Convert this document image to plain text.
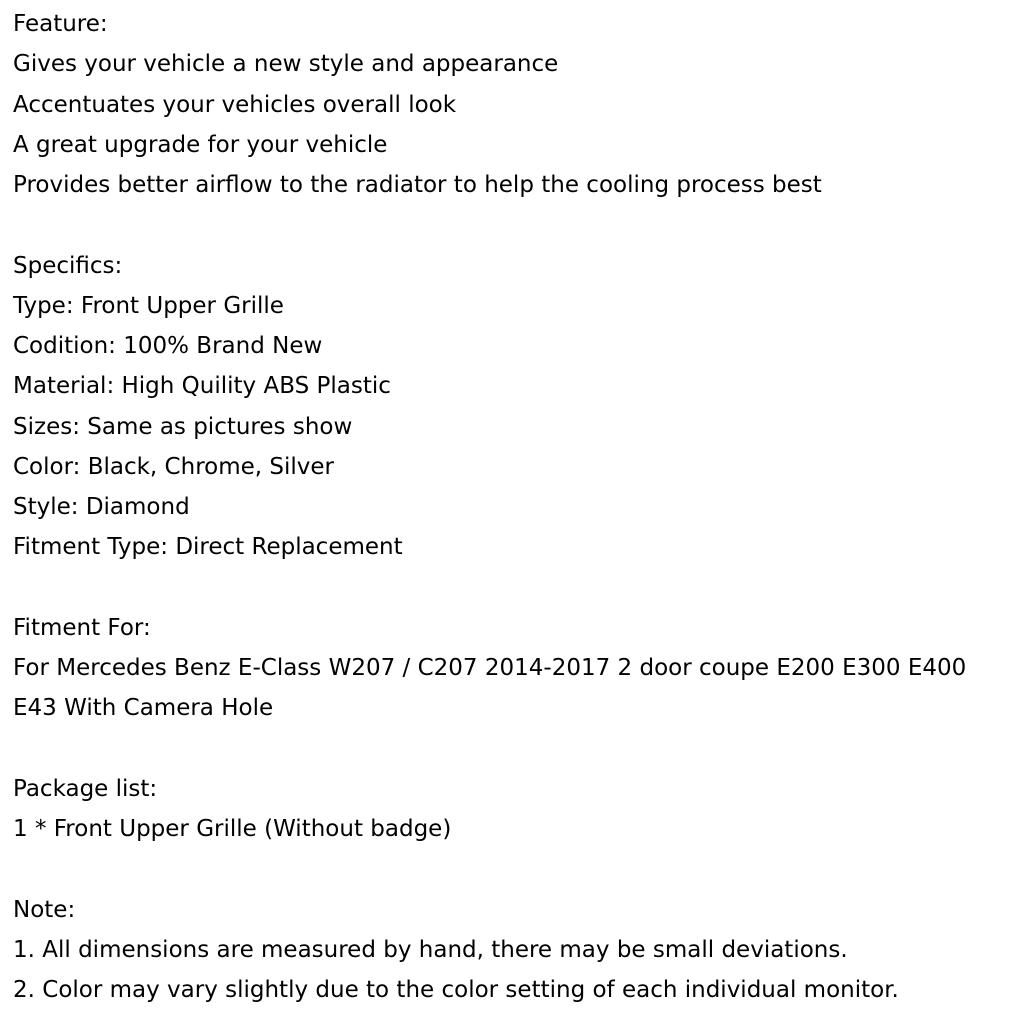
Feature:
Gives your vehicle a new style and appearance
Accentuates your vehicles overall look
A great upgrade for your vehicle
Provides better airflow to the radiator to help the cooling process best
Specifics:
Type: Front Upper Grille
Codition: 100% Brand New
Material: High Quility ABS Plastic
Sizes: Same as pictures show
Color: Black, Chrome, Silver
Style: Diamond
Fitment Type: Direct Replacement
Fitment For:
For Mercedes Benz E-Class W207 / C207 2014-2017 2 door coupe E200 E300 E400
E43 With Camera Hole
Package list:
1 * Front Upper Grille (Without badge)
Note:
1. All dimensions are measured by hand, there may be small deviations.
2. Color may vary slightly due to the color setting of each individual monitor.
